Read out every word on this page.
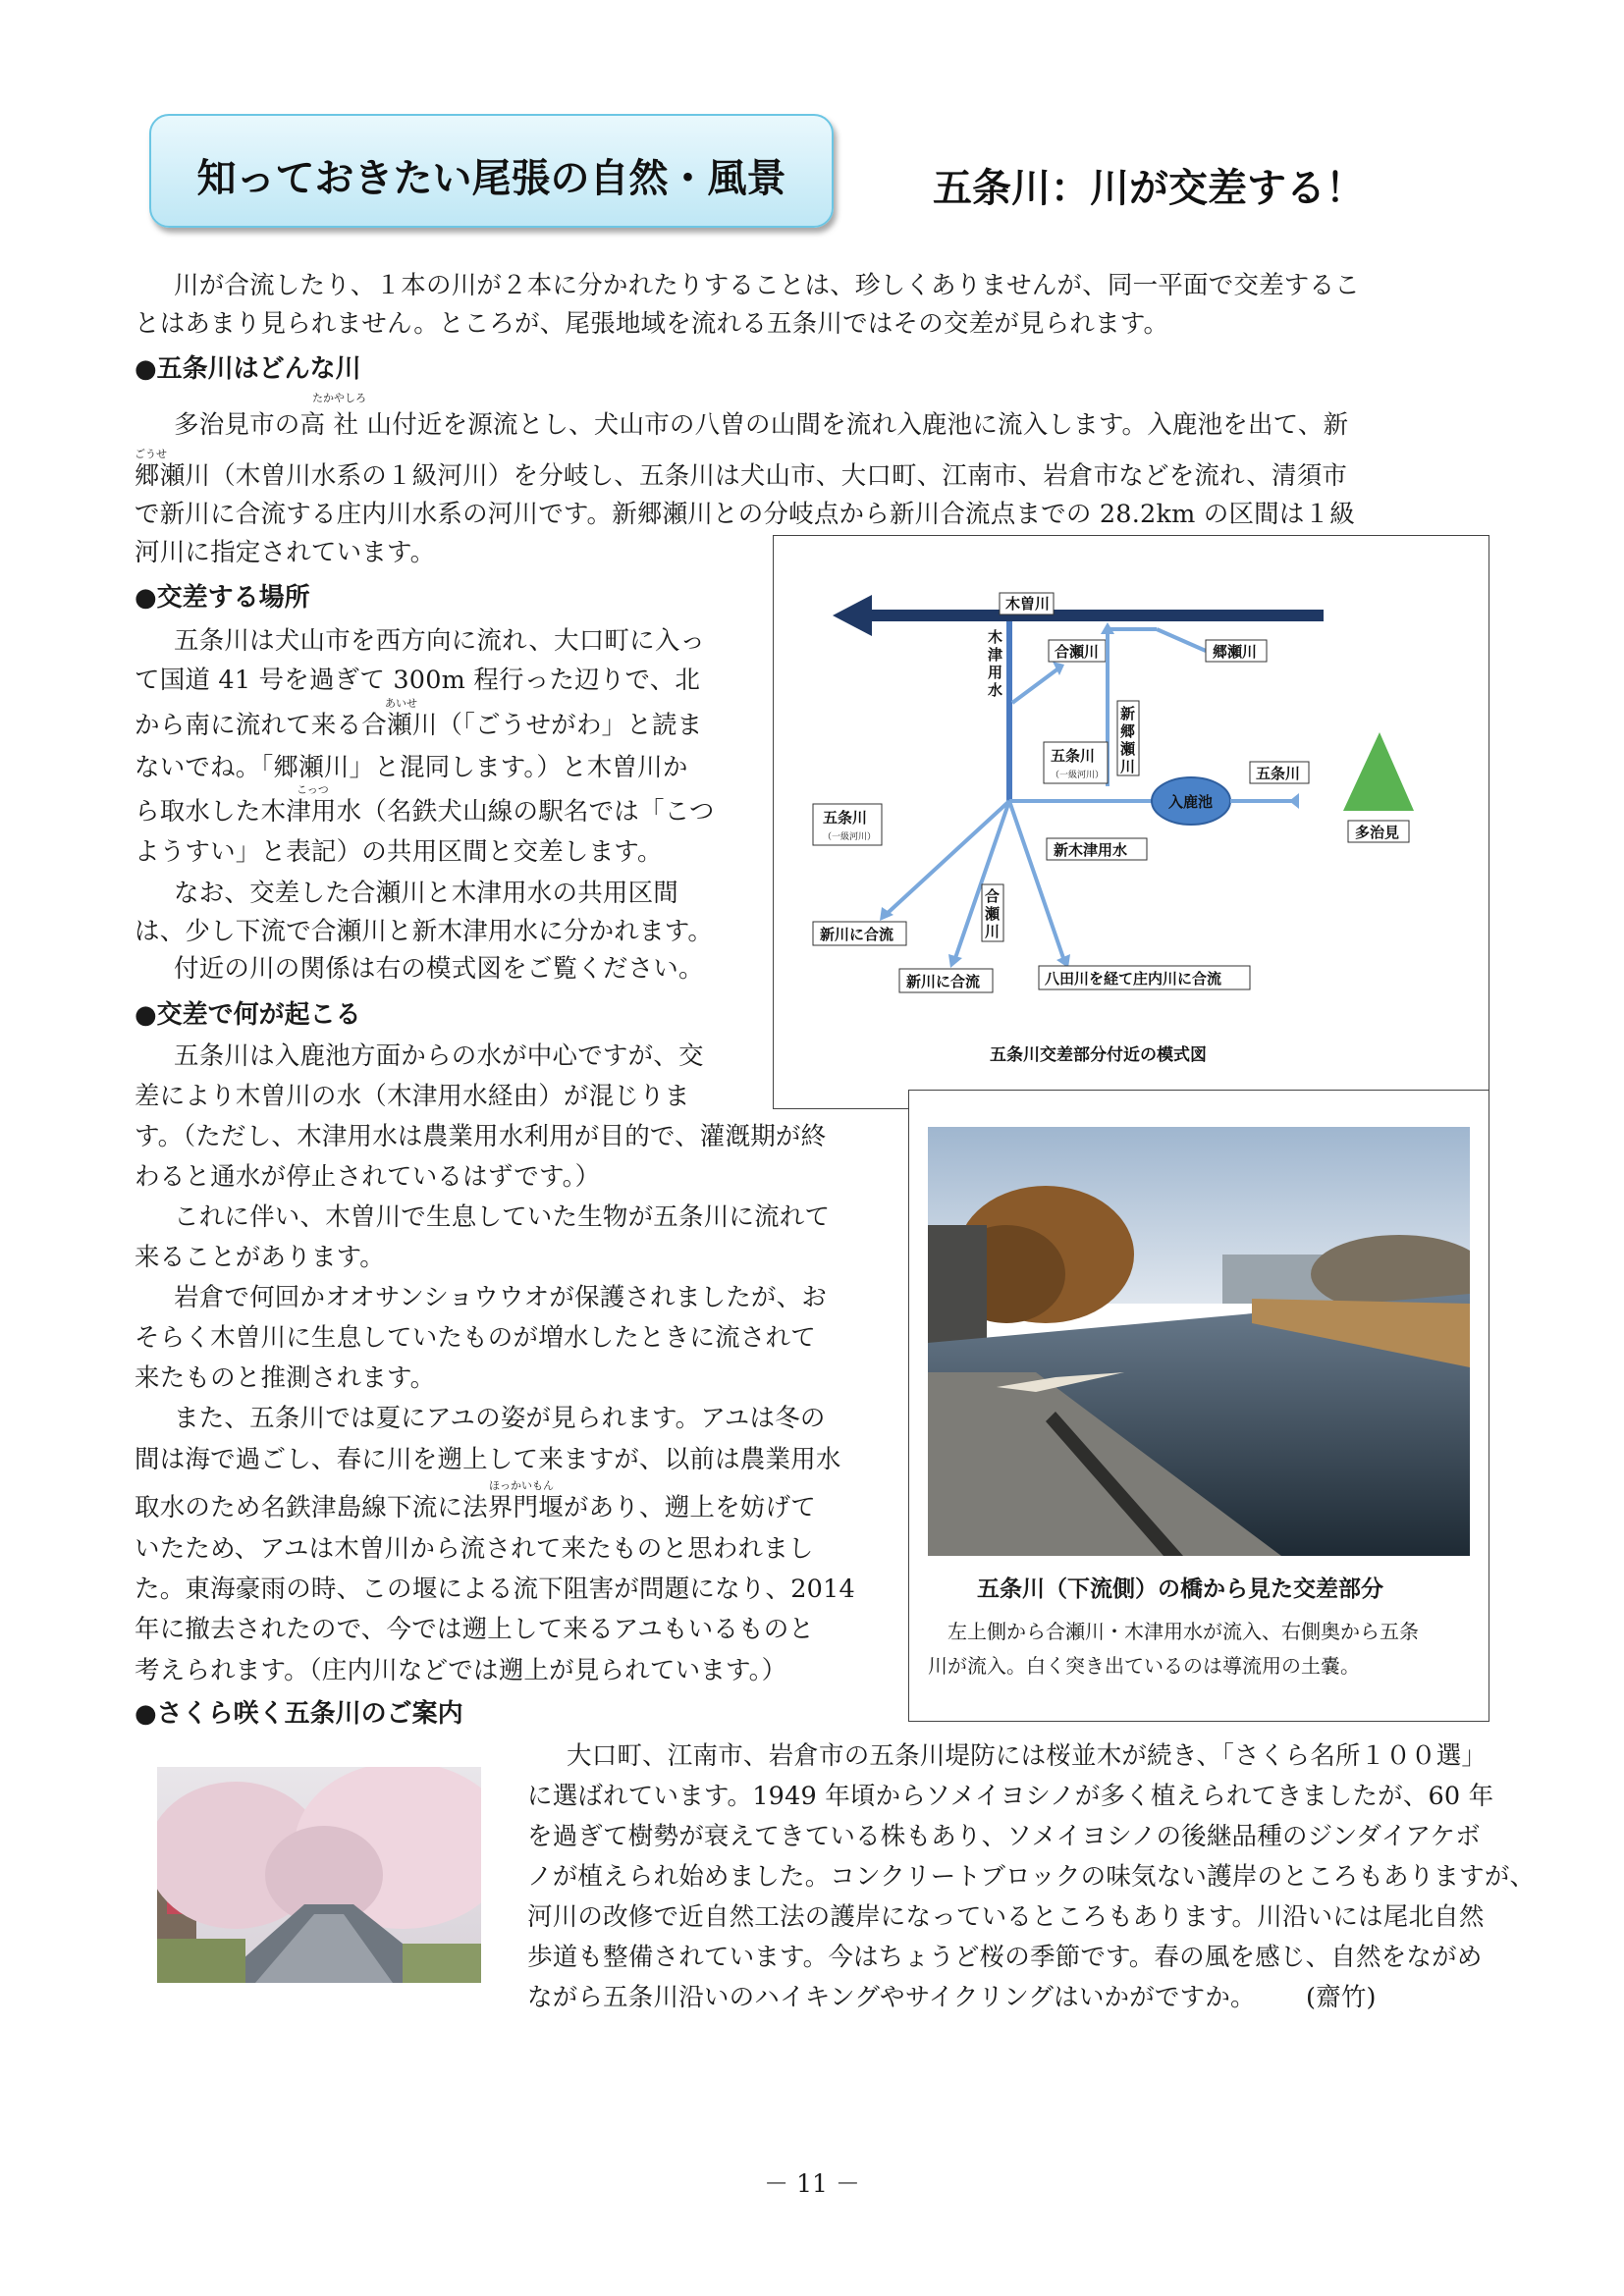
知っておきたい尾張の自然・風景	五条川：川が交差する！
川が合流したり、１本の川が２本に分かれたりすることは、珍しくありませんが、同一平面で交差するこ
とはあまり見られません。ところが、尾張地域を流れる五条川ではその交差が見られます。
●五条川はどんな川
たかやしろ
ごうせ
多治見市の高 社 山付近を源流とし、犬山市の八曽の山間を流れ入鹿池に流入します。入鹿池を出て、新
郷瀬川（木曽川水系の１級河川）を分岐し、五条川は犬山市、大口町、江南市、岩倉市などを流れ、清須市
で新川に合流する庄内川水系の河川です。新郷瀬川との分岐点から新川合流点までの 28.2km の区間は１級
河川に指定されています。
●交差する場所
五条川は犬山市を西方向に流れ、大口町に入っ
て国道 41 号を過ぎて 300m 程行った辺りで、北
あいせ
から南に流れて来る合瀬川（「ごうせがわ」と読ま
ないでね。「郷瀬川」と混同します。）と木曽川か
こっつ
ら取水した木津用水（名鉄犬山線の駅名では「こつ
ようすい」と表記）の共用区間と交差します。
なお、交差した合瀬川と木津用水の共用区間
は、少し下流で合瀬川と新木津用水に分かれます。
付近の川の関係は右の模式図をご覧ください。
●交差で何が起こる
五条川は入鹿池方面からの水が中心ですが、交
差により木曽川の水（木津用水経由）が混じりま
す。（ただし、木津用水は農業用水利用が目的で、灌漑期が終
わると通水が停止されているはずです。）
これに伴い、木曽川で生息していた生物が五条川に流れて
来ることがあります。
岩倉で何回かオオサンショウウオが保護されましたが、お
そらく木曽川に生息していたものが増水したときに流されて
来たものと推測されます。
また、五条川では夏にアユの姿が見られます。アユは冬の
間は海で過ごし、春に川を遡上して来ますが、以前は農業用水
ほっかいもん
取水のため名鉄津島線下流に法界門堰があり、遡上を妨げて
いたため、アユは木曽川から流されて来たものと思われまし
た。東海豪雨の時、この堰による流下阻害が問題になり、2014
年に撤去されたので、今では遡上して来るアユもいるものと
考えられます。（庄内川などでは遡上が見られています。）
●さくら咲く五条川のご案内
大口町、江南市、岩倉市の五条川堤防には桜並木が続き、「さくら名所１００選」
に選ばれています。1949 年頃からソメイヨシノが多く植えられてきましたが、60 年
を過ぎて樹勢が衰えてきている株もあり、ソメイヨシノの後継品種のジンダイアケボ
ノが植えられ始めました。コンクリートブロックの味気ない護岸のところもありますが、
河川の改修で近自然工法の護岸になっているところもあります。川沿いには尾北自然
歩道も整備されています。今はちょうど桜の季節です。春の風を感じ、自然をながめ
ながら五条川沿いのハイキングやサイクリングはいかがですか。 (齋竹)
木曽川
木
津
用
水
合瀬川	郷瀬川
新
郷
瀬
川
五条川
（一級河川）
入鹿池
五条川
多治見
五条川
（一級河川）
新川に合流
新川に合流
合
瀬
川
新木津用水
八田川を経て庄内川に合流
五条川交差部分付近の模式図
五条川（下流側）の橋から見た交差部分
左上側から合瀬川・木津用水が流入、右側奥から五条
川が流入。白く突き出ているのは導流用の土嚢。
－ 11 －
